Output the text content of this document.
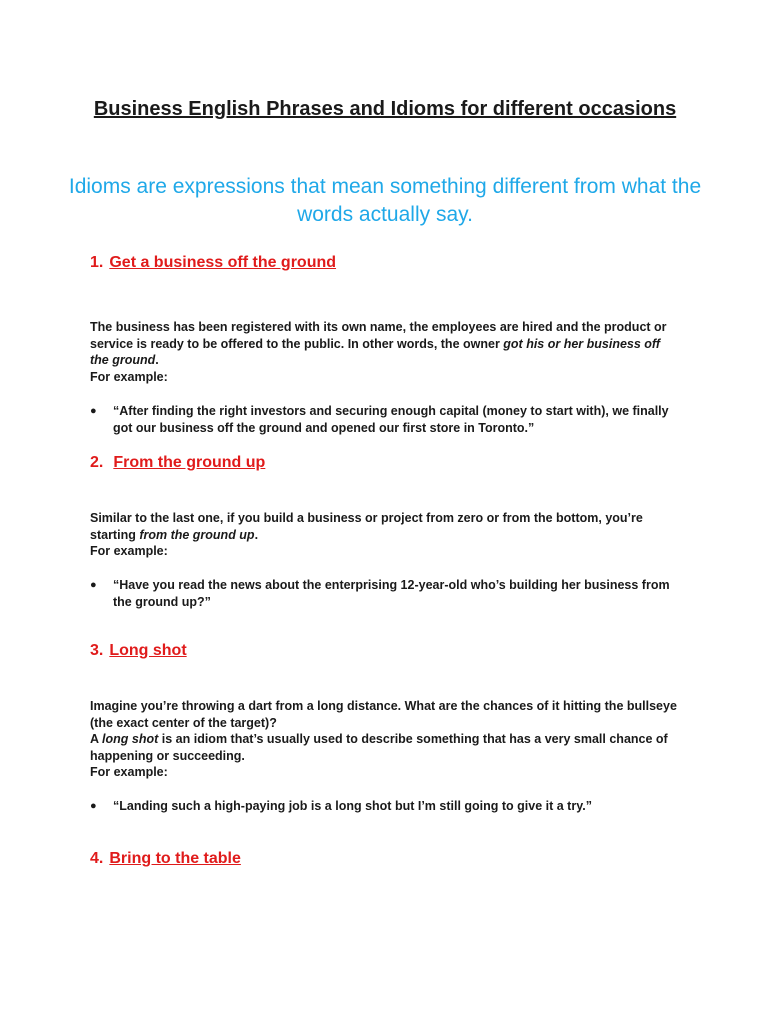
Business English Phrases and Idioms for different occasions
Idioms are expressions that mean something different from what the words actually say.
1. Get a business off the ground
The business has been registered with its own name, the employees are hired and the product or service is ready to be offered to the public. In other words, the owner got his or her business off the ground.
For example:
●	“After finding the right investors and securing enough capital (money to start with), we finally got our business off the ground and opened our first store in Toronto.”
2. From the ground up
Similar to the last one, if you build a business or project from zero or from the bottom, you’re starting from the ground up.
For example:
●	“Have you read the news about the enterprising 12-year-old who’s building her business from the ground up?”
3. Long shot
Imagine you’re throwing a dart from a long distance. What are the chances of it hitting the bullseye (the exact center of the target)?
A long shot is an idiom that’s usually used to describe something that has a very small chance of happening or succeeding.
For example:
●	“Landing such a high-paying job is a long shot but I’m still going to give it a try.”
4. Bring to the table
